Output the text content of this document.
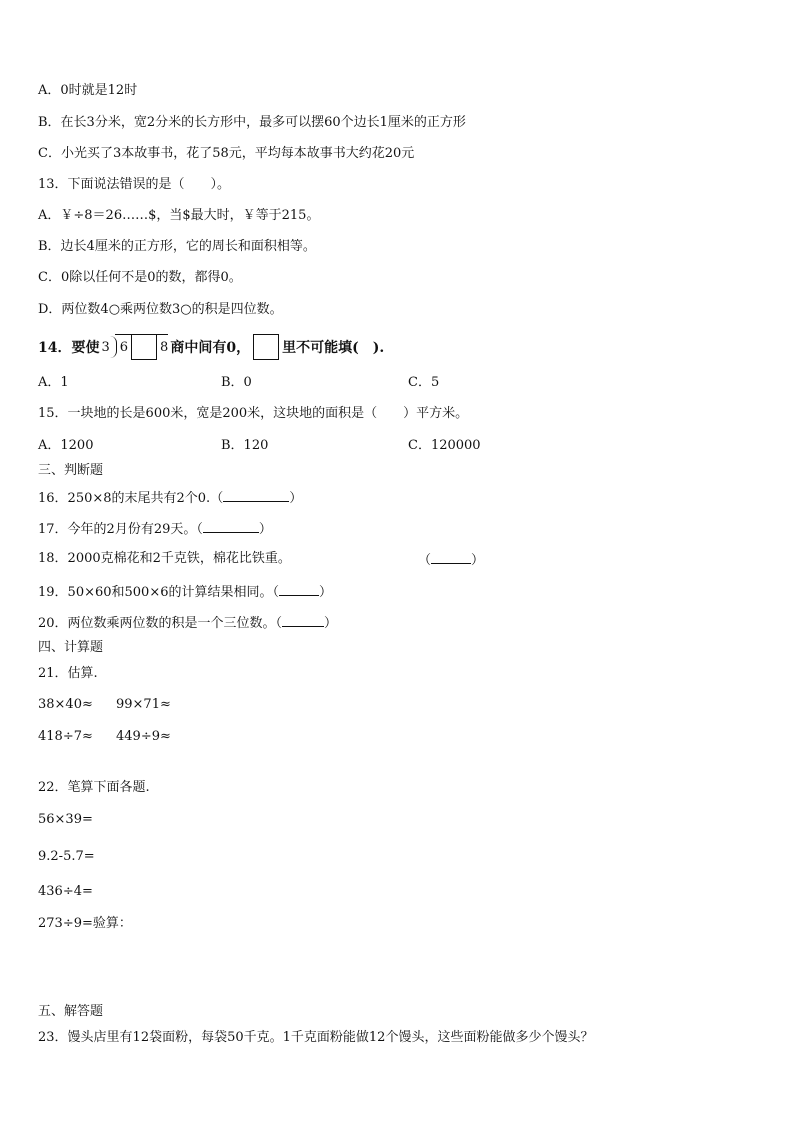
A．0时就是12时
B．在长3分米，宽2分米的长方形中，最多可以摆60个边长1厘米的正方形
C．小光买了3本故事书，花了58元，平均每本故事书大约花20元
13．下面说法错误的是（　　）。
A．￥÷8＝26……$，当$最大时，￥等于215。
B．边长4厘米的正方形，它的周长和面积相等。
C．0除以任何不是0的数，都得0。
D．两位数4○乘两位数3○的积是四位数。
14．要使 3 6 8 商中间有0， 里不可能填(　).
A．1	B．0	C．5
15．一块地的长是600米，宽是200米，这块地的面积是（　　）平方米。
A．1200	B．120	C．120000
三、判断题
16．250×8的末尾共有2个0.（	）
17．今年的2月份有29天。（	）
18．2000克棉花和2千克铁，棉花比铁重。	（	）
19．50×60和500×6的计算结果相同。（	）
20．两位数乘两位数的积是一个三位数。（	）
四、计算题
21．估算.
38×40≈ 99×71≈
418÷7≈ 449÷9≈
22．笔算下面各题.
56×39=
9.2-5.7=
436÷4=
273÷9=验算：
五、解答题
23．馒头店里有12袋面粉，每袋50千克。1千克面粉能做12个馒头，这些面粉能做多少个馒头？
